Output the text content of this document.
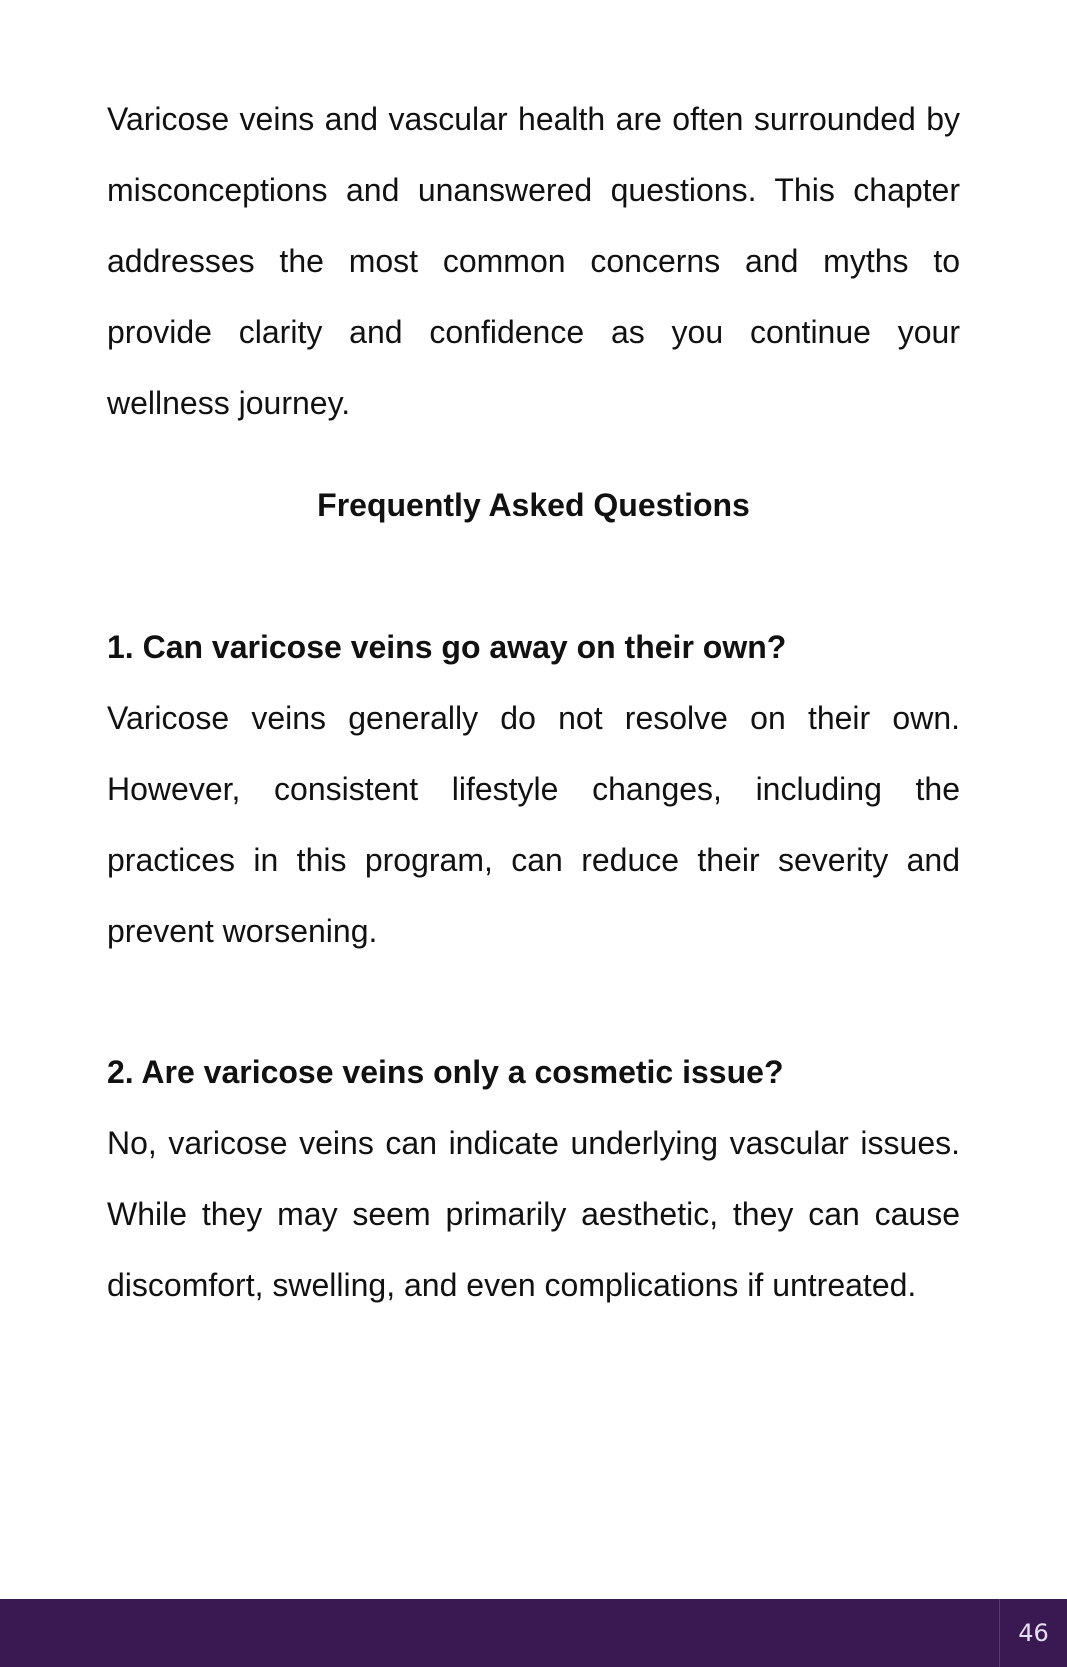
Varicose veins and vascular health are often surrounded by misconceptions and unanswered questions. This chapter addresses the most common concerns and myths to provide clarity and confidence as you continue your wellness journey.

Frequently Asked Questions
1. Can varicose veins go away on their own?

Varicose veins generally do not resolve on their own. However, consistent lifestyle changes, including the practices in this program, can reduce their severity and prevent worsening.

2. Are varicose veins only a cosmetic issue?

No, varicose veins can indicate underlying vascular issues. While they may seem primarily aesthetic, they can cause discomfort, swelling, and even complications if untreated.

46
